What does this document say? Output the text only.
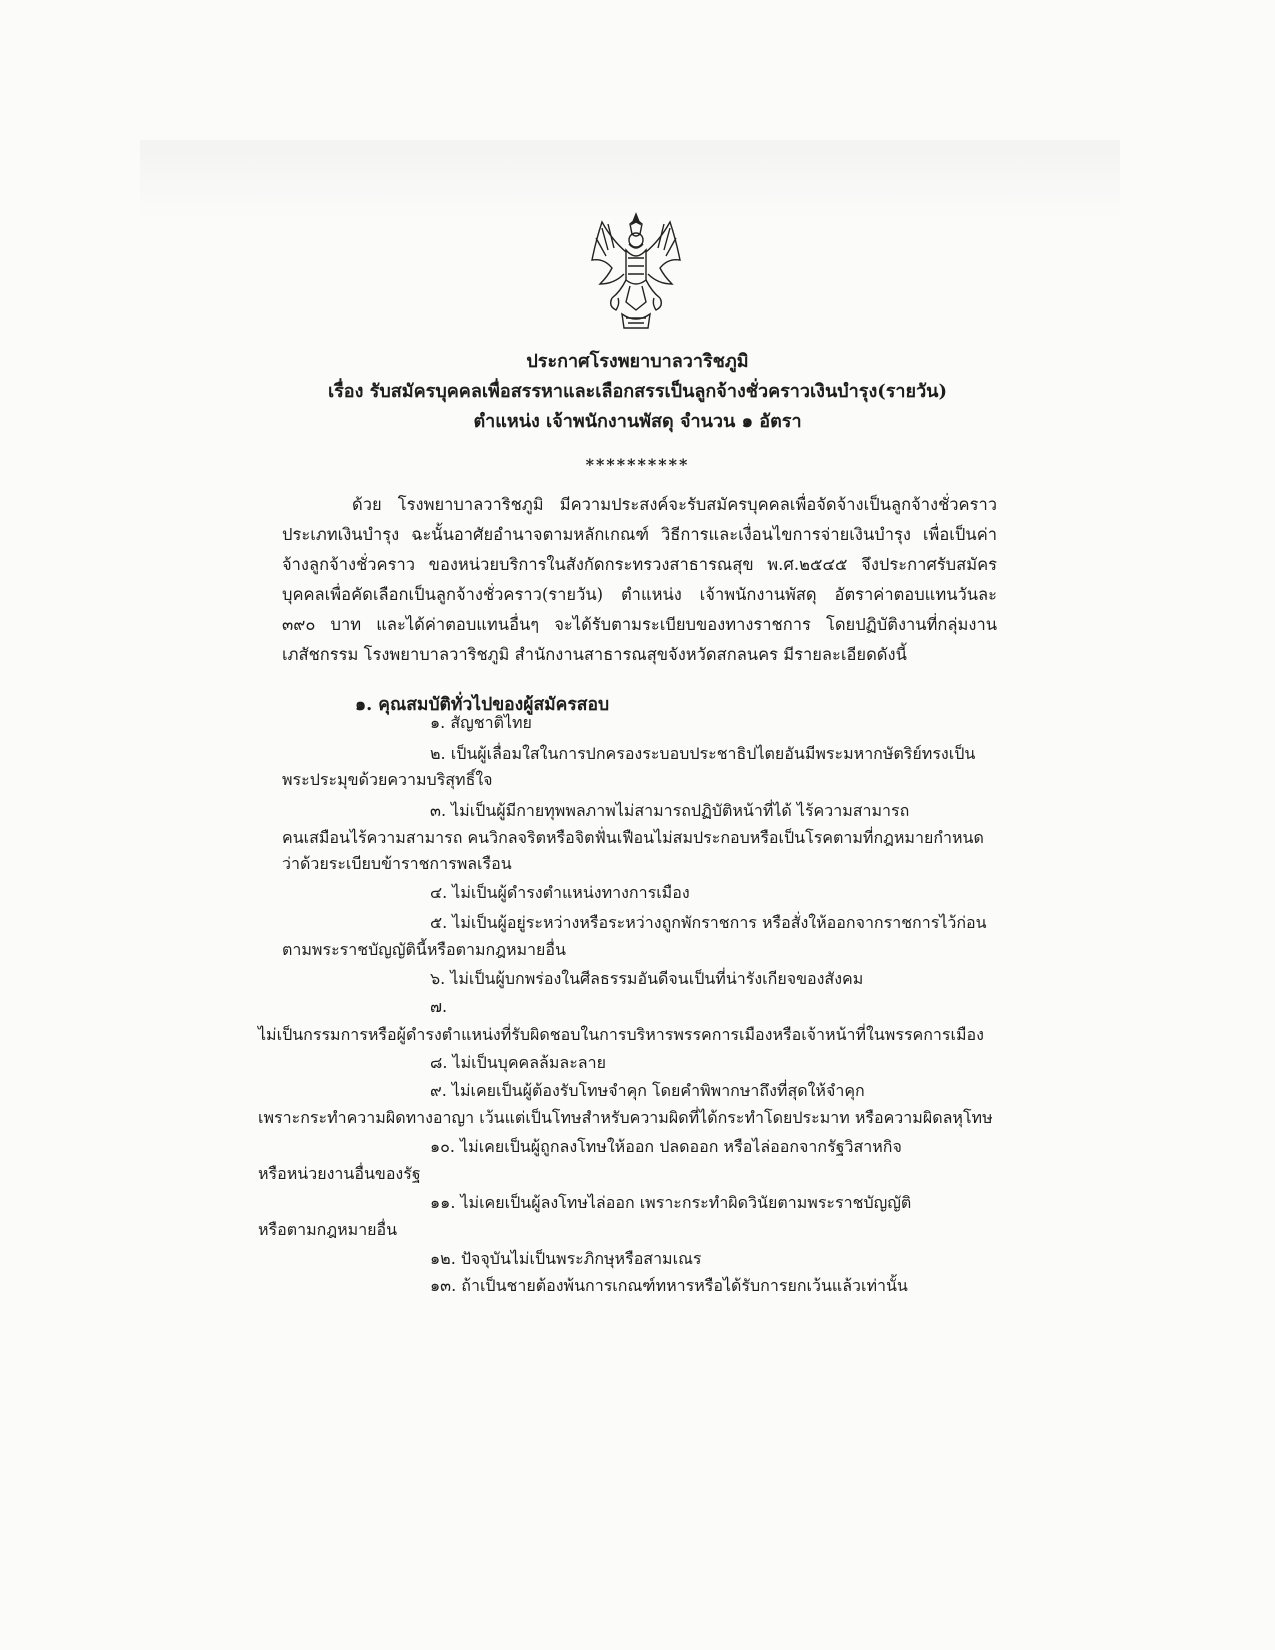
ประกาศโรงพยาบาลวาริชภูมิ
เรื่อง รับสมัครบุคคลเพื่อสรรหาและเลือกสรรเป็นลูกจ้างชั่วคราวเงินบำรุง(รายวัน)
ตำแหน่ง เจ้าพนักงานพัสดุ จำนวน ๑ อัตรา
**********

ด้วย โรงพยาบาลวาริชภูมิ มีความประสงค์จะรับสมัครบุคคลเพื่อจัดจ้างเป็นลูกจ้างชั่วคราวประเภทเงินบำรุง ฉะนั้นอาศัยอำนาจตามหลักเกณฑ์ วิธีการและเงื่อนไขการจ่ายเงินบำรุง เพื่อเป็นค่าจ้างลูกจ้างชั่วคราว ของหน่วยบริการในสังกัดกระทรวงสาธารณสุข พ.ศ.๒๕๔๕ จึงประกาศรับสมัครบุคคลเพื่อคัดเลือกเป็นลูกจ้างชั่วคราว(รายวัน) ตำแหน่ง เจ้าพนักงานพัสดุ อัตราค่าตอบแทนวันละ ๓๙๐ บาท และได้ค่าตอบแทนอื่นๆ จะได้รับตามระเบียบของทางราชการ โดยปฏิบัติงานที่กลุ่มงานเภสัชกรรม โรงพยาบาลวาริชภูมิ สำนักงานสาธารณสุขจังหวัดสกลนคร มีรายละเอียดดังนี้

๑. คุณสมบัติทั่วไปของผู้สมัครสอบ
๑. สัญชาติไทย
๒. เป็นผู้เลื่อมใสในการปกครองระบอบประชาธิปไตยอันมีพระมหากษัตริย์ทรงเป็น
พระประมุขด้วยความบริสุทธิ์ใจ
๓. ไม่เป็นผู้มีกายทุพพลภาพไม่สามารถปฏิบัติหน้าที่ได้ ไร้ความสามารถ
คนเสมือนไร้ความสามารถ คนวิกลจริตหรือจิตฟั่นเฟือนไม่สมประกอบหรือเป็นโรคตามที่กฎหมายกำหนด
ว่าด้วยระเบียบข้าราชการพลเรือน
๔. ไม่เป็นผู้ดำรงตำแหน่งทางการเมือง
๕. ไม่เป็นผู้อยู่ระหว่างหรือระหว่างถูกพักราชการ หรือสั่งให้ออกจากราชการไว้ก่อน
ตามพระราชบัญญัตินี้หรือตามกฎหมายอื่น
๖. ไม่เป็นผู้บกพร่องในศีลธรรมอันดีจนเป็นที่น่ารังเกียจของสังคม
๗.
ไม่เป็นกรรมการหรือผู้ดำรงตำแหน่งที่รับผิดชอบในการบริหารพรรคการเมืองหรือเจ้าหน้าที่ในพรรคการเมือง
๘. ไม่เป็นบุคคลล้มละลาย
๙. ไม่เคยเป็นผู้ต้องรับโทษจำคุก โดยคำพิพากษาถึงที่สุดให้จำคุก
เพราะกระทำความผิดทางอาญา เว้นแต่เป็นโทษสำหรับความผิดที่ได้กระทำโดยประมาท หรือความผิดลหุโทษ
๑๐. ไม่เคยเป็นผู้ถูกลงโทษให้ออก ปลดออก หรือไล่ออกจากรัฐวิสาหกิจ
หรือหน่วยงานอื่นของรัฐ
๑๑. ไม่เคยเป็นผู้ลงโทษไล่ออก เพราะกระทำผิดวินัยตามพระราชบัญญัติ
หรือตามกฎหมายอื่น
๑๒. ปัจจุบันไม่เป็นพระภิกษุหรือสามเณร
๑๓. ถ้าเป็นชายต้องพ้นการเกณฑ์ทหารหรือได้รับการยกเว้นแล้วเท่านั้น
